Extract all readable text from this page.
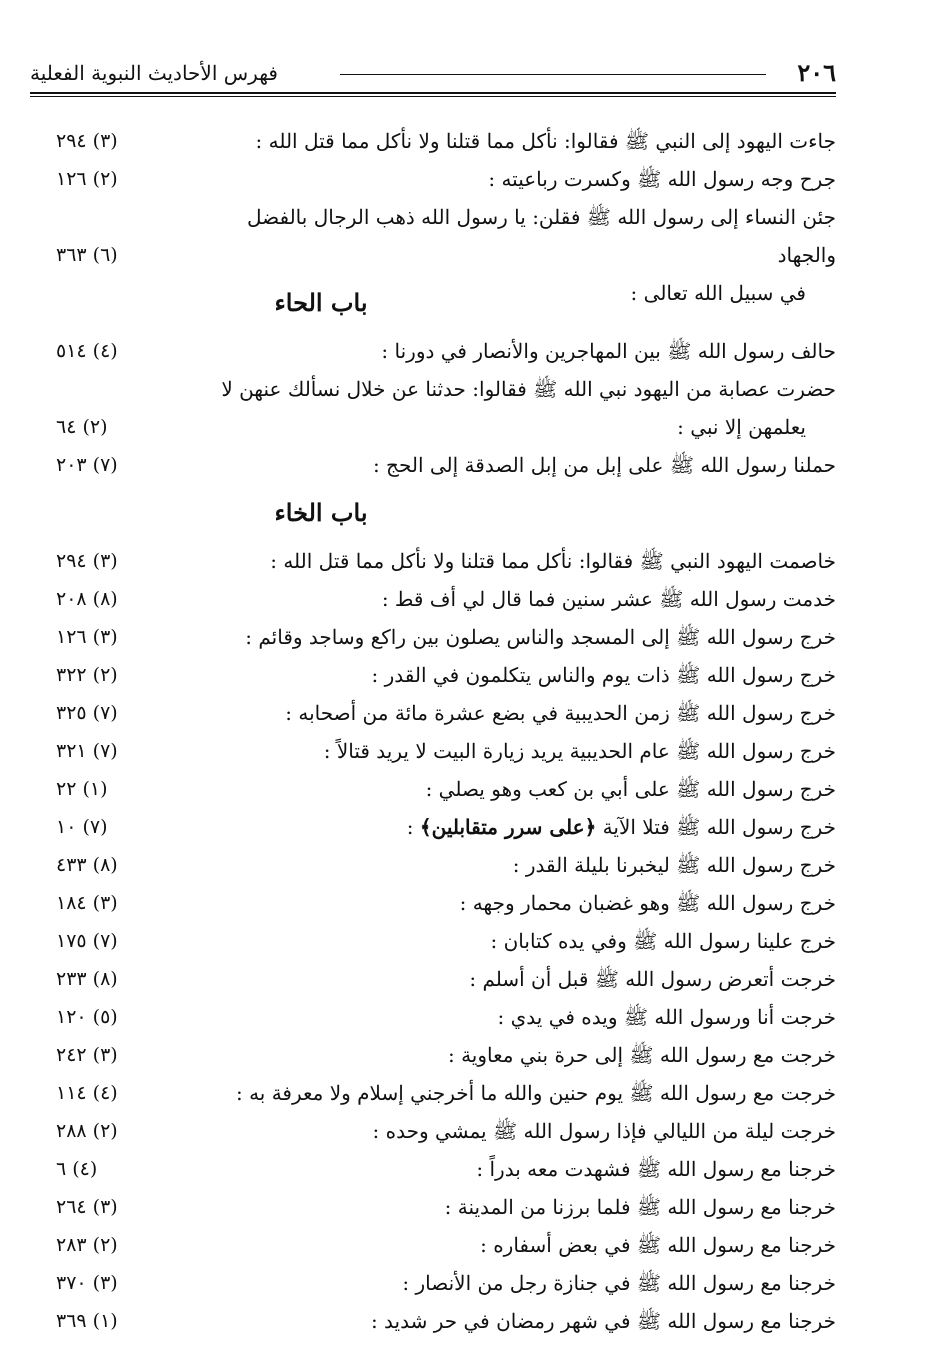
٢٠٦
فهرس الأحاديث النبوية الفعلية
جاءت اليهود إلى النبي ﷺ فقالوا: نأكل مما قتلنا ولا نأكل مما قتل الله :
(٣) ٢٩٤
جرح وجه رسول الله ﷺ وكسرت رباعيته :
(٢) ١٢٦
جئن النساء إلى رسول الله ﷺ فقلن: يا رسول الله ذهب الرجال بالفضل والجهاد
في سبيل الله تعالى :
(٦) ٣٦٣
باب الحاء
حالف رسول الله ﷺ بين المهاجرين والأنصار في دورنا :
(٤) ٥١٤
حضرت عصابة من اليهود نبي الله ﷺ فقالوا: حدثنا عن خلال نسألك عنهن لا
يعلمهن إلا نبي :
(٢) ٦٤
حملنا رسول الله ﷺ على إبل من إبل الصدقة إلى الحج :
(٧) ٢٠٣
باب الخاء
خاصمت اليهود النبي ﷺ فقالوا: نأكل مما قتلنا ولا نأكل مما قتل الله :
(٣) ٢٩٤
خدمت رسول الله ﷺ عشر سنين فما قال لي أف قط :
(٨) ٢٠٨
خرج رسول الله ﷺ إلى المسجد والناس يصلون بين راكع وساجد وقائم :
(٣) ١٢٦
خرج رسول الله ﷺ ذات يوم والناس يتكلمون في القدر :
(٢) ٣٢٢
خرج رسول الله ﷺ زمن الحديبية في بضع عشرة مائة من أصحابه :
(٧) ٣٢٥
خرج رسول الله ﷺ عام الحديبية يريد زيارة البيت لا يريد قتالاً :
(٧) ٣٢١
خرج رسول الله ﷺ على أبي بن كعب وهو يصلي :
(١) ٢٢
خرج رسول الله ﷺ فتلا الآية ﴿على سرر متقابلين﴾ :
(٧) ١٠
خرج رسول الله ﷺ ليخبرنا بليلة القدر :
(٨) ٤٣٣
خرج رسول الله ﷺ وهو غضبان محمار وجهه :
(٣) ١٨٤
خرج علينا رسول الله ﷺ وفي يده كتابان :
(٧) ١٧٥
خرجت أتعرض رسول الله ﷺ قبل أن أسلم :
(٨) ٢٣٣
خرجت أنا ورسول الله ﷺ ويده في يدي :
(٥) ١٢٠
خرجت مع رسول الله ﷺ إلى حرة بني معاوية :
(٣) ٢٤٢
خرجت مع رسول الله ﷺ يوم حنين والله ما أخرجني إسلام ولا معرفة به :
(٤) ١١٤
خرجت ليلة من الليالي فإذا رسول الله ﷺ يمشي وحده :
(٢) ٢٨٨
خرجنا مع رسول الله ﷺ فشهدت معه بدراً :
(٤) ٦
خرجنا مع رسول الله ﷺ فلما برزنا من المدينة :
(٣) ٢٦٤
خرجنا مع رسول الله ﷺ في بعض أسفاره :
(٢) ٢٨٣
خرجنا مع رسول الله ﷺ في جنازة رجل من الأنصار :
(٣) ٣٧٠
خرجنا مع رسول الله ﷺ في شهر رمضان في حر شديد :
(١) ٣٦٩
